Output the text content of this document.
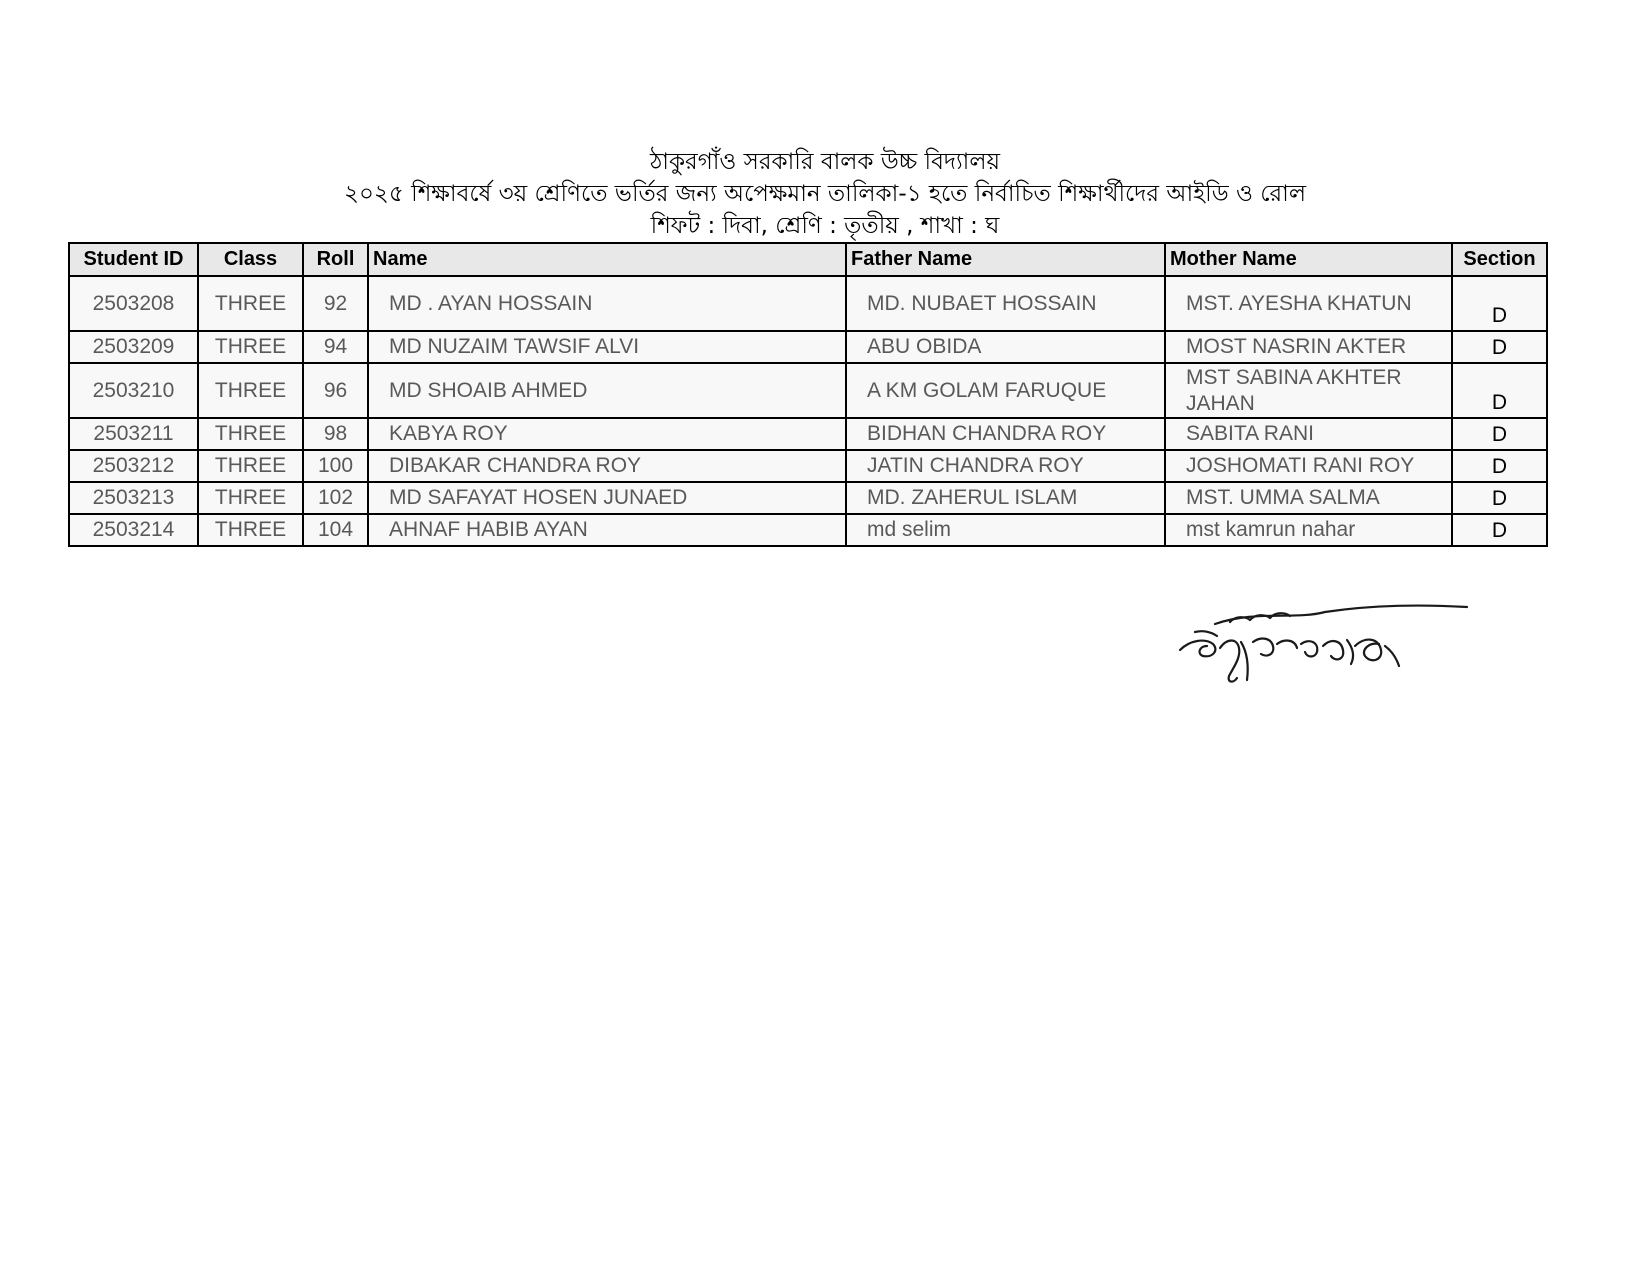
ঠাকুরগাঁও সরকারি বালক উচ্চ বিদ্যালয়
২০২৫ শিক্ষাবর্ষে ৩য় শ্রেণিতে ভর্তির জন্য অপেক্ষমান তালিকা-১ হতে নির্বাচিত শিক্ষার্থীদের আইডি ও রোল
শিফট : দিবা, শ্রেণি : তৃতীয় , শাখা : ঘ
Student ID	Class	Roll	Name	Father Name	Mother Name	Section
2503208	THREE	92	MD . AYAN HOSSAIN	MD. NUBAET HOSSAIN	MST. AYESHA KHATUN	D
2503209	THREE	94	MD NUZAIM TAWSIF ALVI	ABU OBIDA	MOST NASRIN AKTER	D
2503210	THREE	96	MD SHOAIB AHMED	A KM GOLAM FARUQUE	MST SABINA AKHTER JAHAN	D
2503211	THREE	98	KABYA ROY	BIDHAN CHANDRA ROY	SABITA RANI	D
2503212	THREE	100	DIBAKAR CHANDRA ROY	JATIN CHANDRA ROY	JOSHOMATI RANI ROY	D
2503213	THREE	102	MD SAFAYAT HOSEN JUNAED	MD. ZAHERUL ISLAM	MST. UMMA SALMA	D
2503214	THREE	104	AHNAF HABIB AYAN	md selim	mst kamrun nahar	D
